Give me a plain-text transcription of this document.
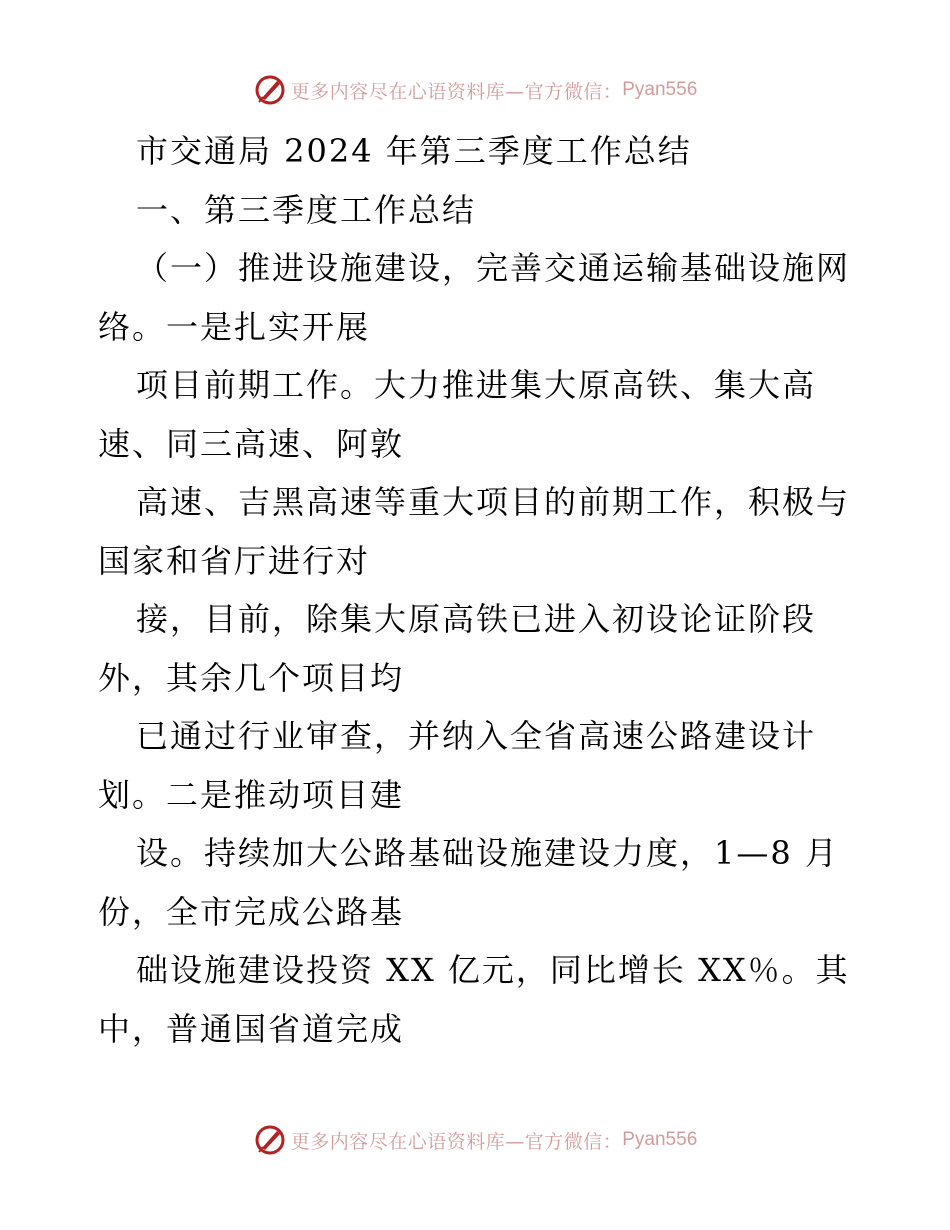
更多内容尽在心语资料库—官方微信： Pyan556
市交通局 2024 年第三季度工作总结
一、第三季度工作总结
（一）推进设施建设，完善交通运输基础设施网
络。一是扎实开展
项目前期工作。大力推进集大原高铁、集大高
速、同三高速、阿敦
高速、吉黑高速等重大项目的前期工作，积极与
国家和省厅进行对
接，目前，除集大原高铁已进入初设论证阶段
外，其余几个项目均
已通过行业审查，并纳入全省高速公路建设计
划。二是推动项目建
设。持续加大公路基础设施建设力度，1—8 月
份，全市完成公路基
础设施建设投资 XX 亿元，同比增长 XX％。其
中，普通国省道完成
更多内容尽在心语资料库—官方微信： Pyan556
